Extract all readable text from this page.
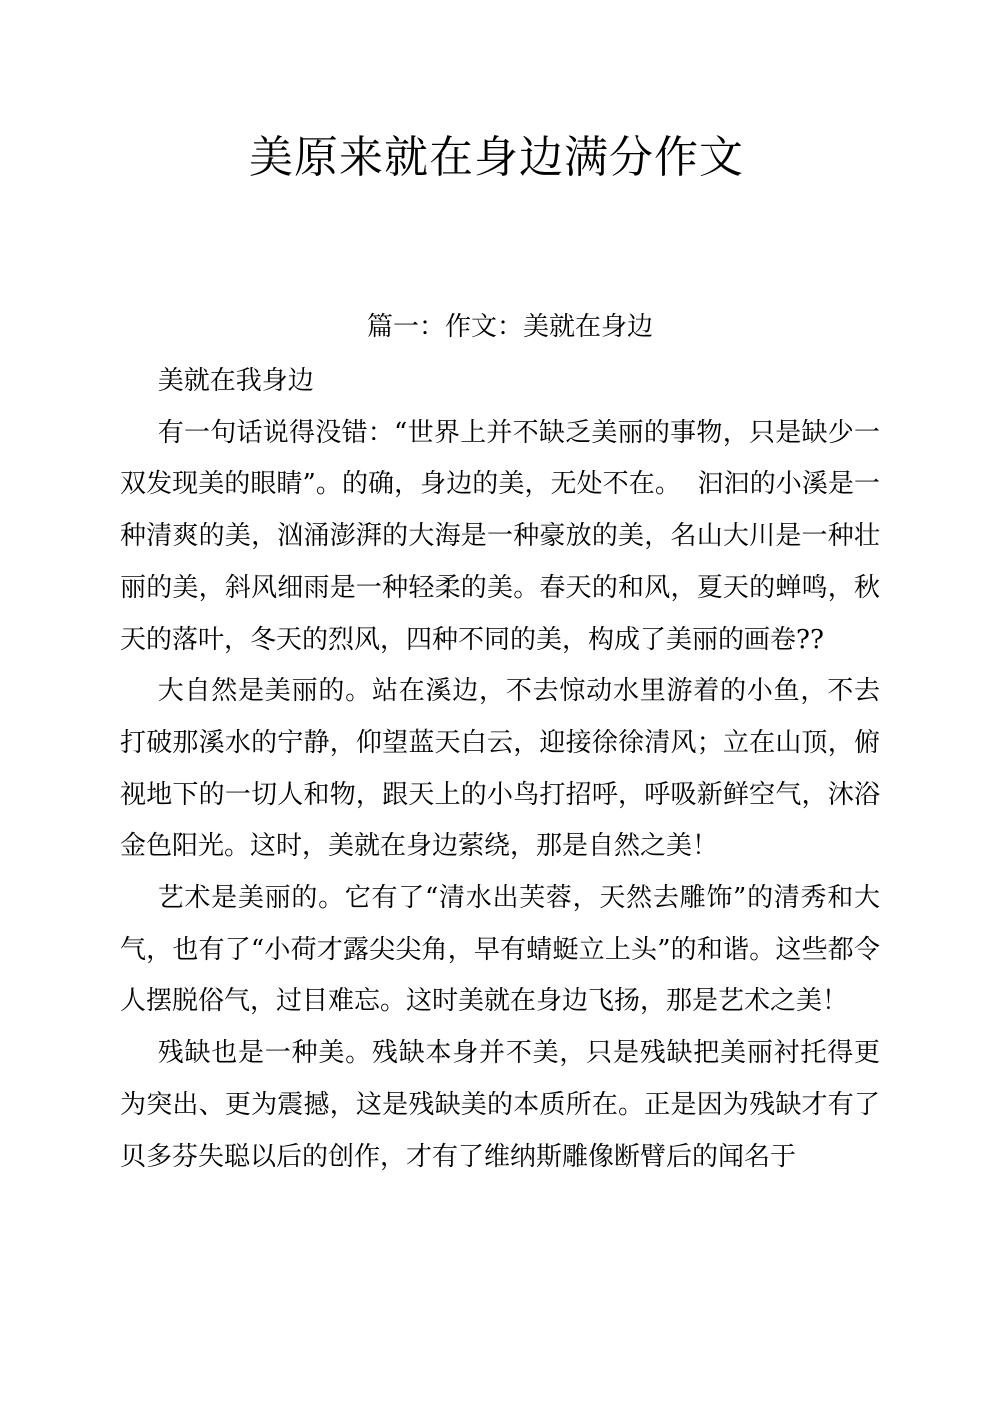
美原来就在身边满分作文
篇一：作文：美就在身边

美就在我身边

有一句话说得没错：“世界上并不缺乏美丽的事物，只是缺少一双发现美的眼睛”。的确，身边的美，无处不在。  汩汩的小溪是一种清爽的美，汹涌澎湃的大海是一种豪放的美，名山大川是一种壮丽的美，斜风细雨是一种轻柔的美。春天的和风，夏天的蝉鸣，秋天的落叶，冬天的烈风，四种不同的美，构成了美丽的画卷??

大自然是美丽的。站在溪边，不去惊动水里游着的小鱼，不去打破那溪水的宁静，仰望蓝天白云，迎接徐徐清风；立在山顶，俯视地下的一切人和物，跟天上的小鸟打招呼，呼吸新鲜空气，沐浴金色阳光。这时，美就在身边萦绕，那是自然之美！

艺术是美丽的。它有了“清水出芙蓉，天然去雕饰”的清秀和大气，也有了“小荷才露尖尖角，早有蜻蜓立上头”的和谐。这些都令人摆脱俗气，过目难忘。这时美就在身边飞扬，那是艺术之美！

残缺也是一种美。残缺本身并不美，只是残缺把美丽衬托得更为突出、更为震撼，这是残缺美的本质所在。正是因为残缺才有了贝多芬失聪以后的创作，才有了维纳斯雕像断臂后的闻名于
